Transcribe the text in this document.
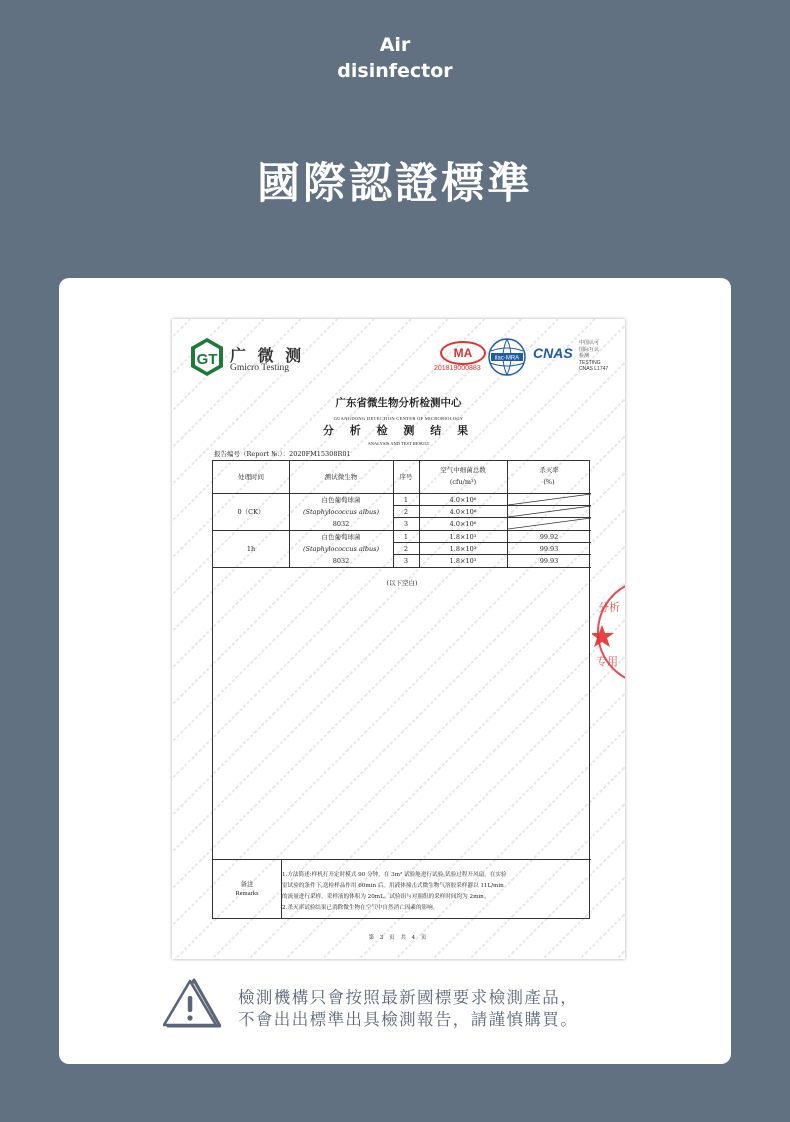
Air
disinfector
國際認證標準
GT 广 微 测
Gmicro Testing
MA
201819000883
ilac-MRA CNAS
中国认可
国际互认
检测
TESTING
CNAS L1747
广东省微生物分析检测中心
GUANGDONG DETECTION CENTER OF MICROBIOLOGY
分 析 检 测 结 果
ANALYSIS AND TEST RESULT
报告编号（Report №.）：2020FM15308R01
处理时间	测试微生物	序号
空气中细菌总数
(cfu/m³)
杀灭率
(%)
0（CK）
白色葡萄球菌
(Staphylococcus albus)
8032
1
2
3
4.0×10⁶
4.0×10⁶
4.0×10⁶
1h
白色葡萄球菌
(Staphylococcus albus)
8032
1
2
3
1.8×10³
1.8×10³
1.8×10³
99.92
99.93
99.93
(以下空白)
备注
Remarks
1.方法简述:样机打开定时模式 90 分钟，在 3m³ 试验舱进行试验,试验过程开风扇。在实验
室试验的条件下,送检样品作用 60min 后。用液体撞击式微生物气溶胶采样器以 11L/min
的流量进行采样。采样液的体积为 20mL。试验组与对照组的采样时间均为 2min。
2.杀灭率试验结果已消除微生物在空气中自然消亡因素的影响。
第 3 页 共 4 页
分析
专用
檢測機構只會按照最新國標要求檢測產品，
不會出出標準出具檢測報告，請謹慎購買。
